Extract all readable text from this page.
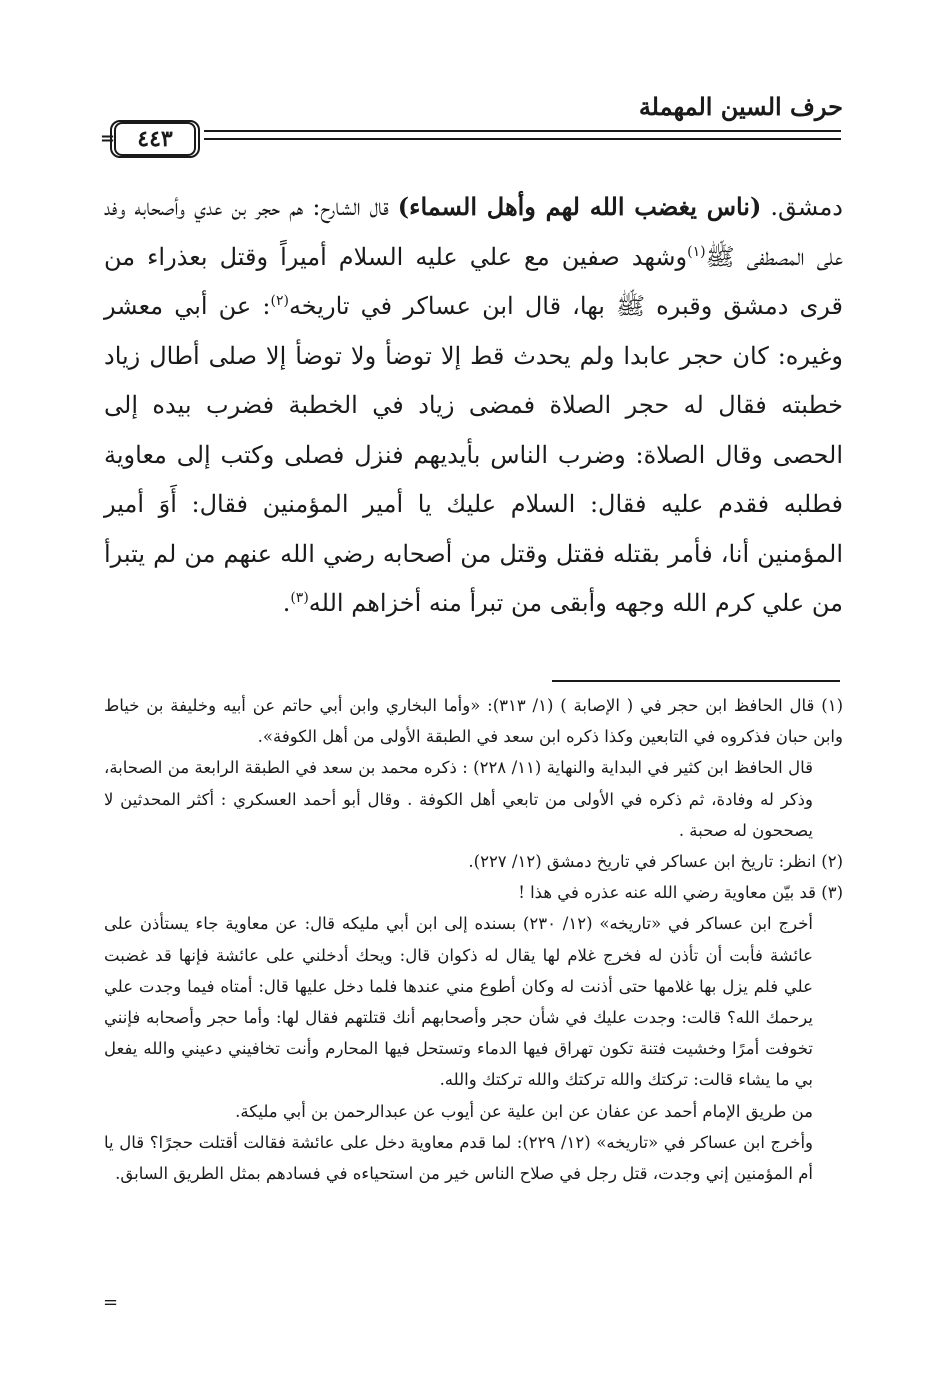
حرف السين المهملة
=	٤٤٣

دمشق. (ناس يغضب الله لهم وأهل السماء) قال الشارح: هم حجر بن عدي وأصحابه وفد على المصطفى ﷺ$^{(١)}$وشهد صفين مع علي عليه السلام أميراً وقتل بعذراء من قرى دمشق وقبره ﷺ بها، قال ابن عساكر في تاريخه$^{(٢)}$: عن أبي معشر وغيره: كان حجر عابدا ولم يحدث قط إلا توضأ ولا توضأ إلا صلى أطال زياد خطبته فقال له حجر الصلاة فمضى زياد في الخطبة فضرب بيده إلى الحصى وقال الصلاة: وضرب الناس بأيديهم فنزل فصلى وكتب إلى معاوية فطلبه فقدم عليه فقال: السلام عليك يا أمير المؤمنين فقال: أَوَ أمير المؤمنين أنا، فأمر بقتله فقتل وقتل من أصحابه رضي الله عنهم من لم يتبرأ من علي كرم الله وجهه وأبقى من تبرأ منه أخزاهم الله$^{(٣)}$.

(١) قال الحافظ ابن حجر في ( الإصابة ) (١/ ٣١٣): «وأما البخاري وابن أبي حاتم عن أبيه وخليفة بن خياط وابن حبان فذكروه في التابعين وكذا ذكره ابن سعد في الطبقة الأولى من أهل الكوفة».

قال الحافظ ابن كثير في البداية والنهاية (١١/ ٢٢٨) : ذكره محمد بن سعد في الطبقة الرابعة من الصحابة، وذكر له وفادة، ثم ذكره في الأولى من تابعي أهل الكوفة . وقال أبو أحمد العسكري : أكثر المحدثين لا يصححون له صحبة .

(٢) انظر: تاريخ ابن عساكر في تاريخ دمشق (١٢/ ٢٢٧).

(٣) قد بيّن معاوية رضي الله عنه عذره في هذا !

أخرج ابن عساكر في «تاريخه» (١٢/ ٢٣٠) بسنده إلى ابن أبي مليكه قال: عن معاوية جاء يستأذن على عائشة فأبت أن تأذن له فخرج غلام لها يقال له ذكوان قال: ويحك أدخلني على عائشة فإنها قد غضبت علي فلم يزل بها غلامها حتى أذنت له وكان أطوع مني عندها فلما دخل عليها قال: أمتاه فيما وجدت علي يرحمك الله؟ قالت: وجدت عليك في شأن حجر وأصحابهم أنك قتلتهم فقال لها: وأما حجر وأصحابه فإنني تخوفت أمرًا وخشيت فتنة تكون تهراق فيها الدماء وتستحل فيها المحارم وأنت تخافيني دعيني والله يفعل بي ما يشاء قالت: تركتك والله تركتك والله تركتك والله.

من طريق الإمام أحمد عن عفان عن ابن علية عن أيوب عن عبدالرحمن بن أبي مليكة.

وأخرج ابن عساكر في «تاريخه» (١٢/ ٢٢٩): لما قدم معاوية دخل على عائشة فقالت أقتلت حجرًا؟ قال يا أم المؤمنين إني وجدت، قتل رجل في صلاح الناس خير من استحياءه في فسادهم بمثل الطريق السابق.

=
